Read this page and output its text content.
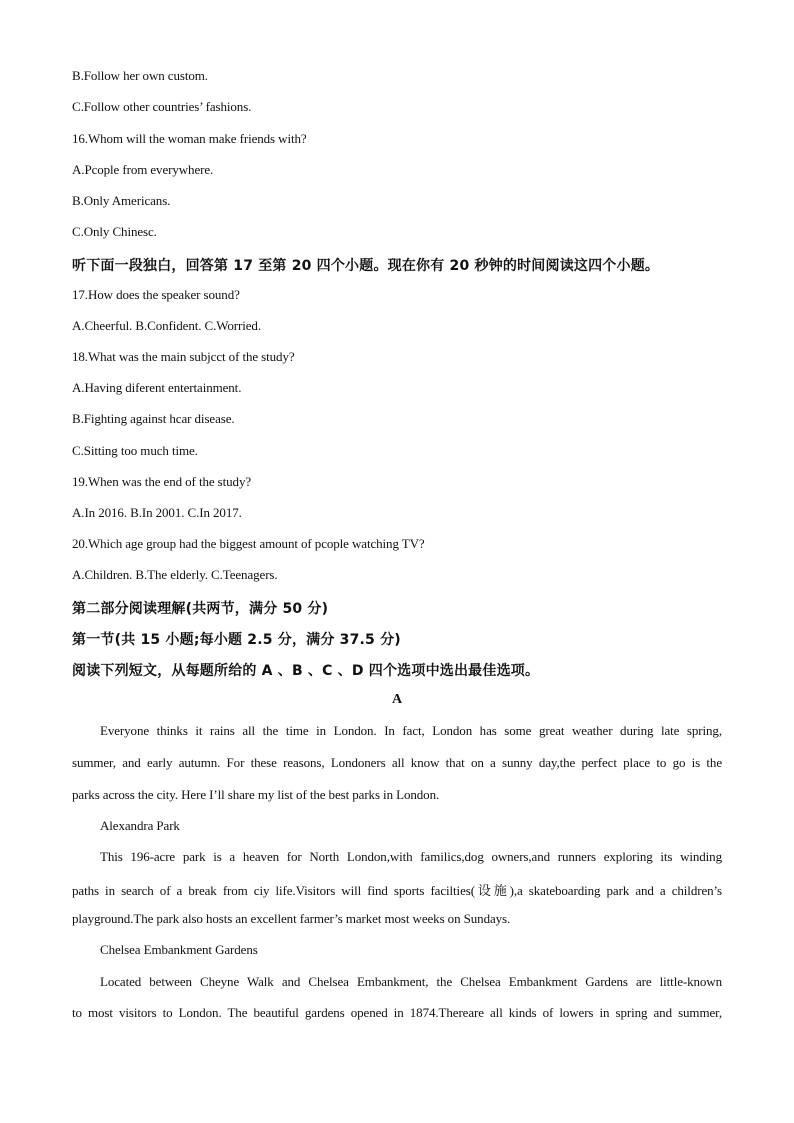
B.Follow her own custom.
C.Follow other countries’ fashions.
16.Whom will the woman make friends with?
A.Pcople from everywhere.
B.Only Americans.
C.Only Chinesc.
听下面一段独白，回答第 17 至第 20 四个小题。现在你有 20 秒钟的时间阅读这四个小题。
17.How does the speaker sound?
A.Cheerful. B.Confident. C.Worried.
18.What was the main subjcct of the study?
A.Having diferent entertainment.
B.Fighting against hcar disease.
C.Sitting too much time.
19.When was the end of the study?
A.In 2016. B.In 2001. C.In 2017.
20.Which age group had the biggest amount of pcople watching TV?
A.Children. B.The elderly. C.Teenagers.
第二部分阅读理解(共两节，满分 50 分)
第一节(共 15 小题;每小题 2.5 分，满分 37.5 分)
阅读下列短文，从每题所给的 A 、B 、C 、D 四个选项中选出最佳选项。
A
Everyone thinks it rains all the time in London. In fact, London has some great weather during late spring,
summer, and early autumn. For these reasons, Londoners all know that on a sunny day,the perfect place to go is the
parks across the city. Here I’ll share my list of the best parks in London.
Alexandra Park
This 196-acre park is a heaven for North London,with familics,dog owners,and runners exploring its winding
paths in search of a break from ciy life.Visitors will find sports facilties(设施),a skateboarding park and a children’s
playground.The park also hosts an excellent farmer’s market most weeks on Sundays.
Chelsea Embankment Gardens
Located between Cheyne Walk and Chelsea Embankment, the Chelsea Embankment Gardens are little-known
to most visitors to London. The beautiful gardens opened in 1874.Thereare all kinds of lowers in spring and summer,
